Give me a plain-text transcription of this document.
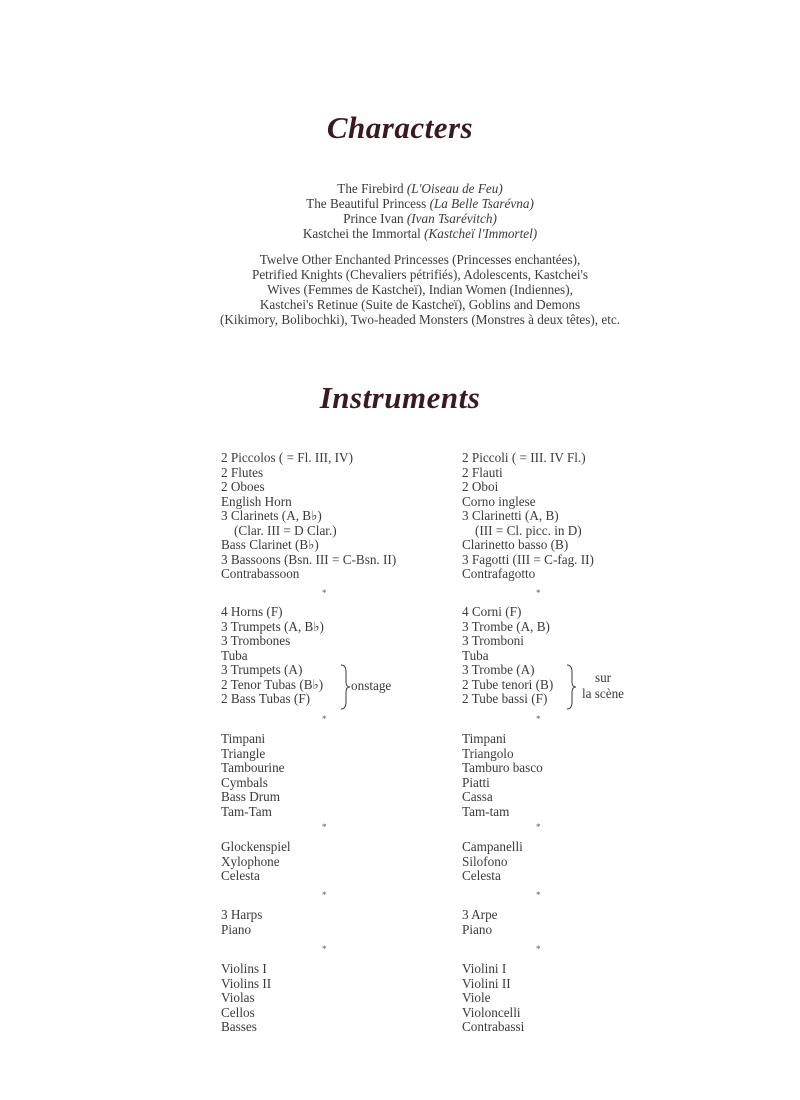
Characters
The Firebird (L'Oiseau de Feu)
The Beautiful Princess (La Belle Tsarévna)
Prince Ivan (Ivan Tsarévitch)
Kastchei the Immortal (Kastcheï l'Immortel)
Twelve Other Enchanted Princesses (Princesses enchantées),
Petrified Knights (Chevaliers pétrifiés), Adolescents, Kastchei's
Wives (Femmes de Kastcheï), Indian Women (Indiennes),
Kastchei's Retinue (Suite de Kastcheï), Goblins and Demons
(Kikimory, Bolibochki), Two-headed Monsters (Monstres à deux têtes), etc.
Instruments
2 Piccolos ( = Fl. III, IV)
2 Flutes
2 Oboes
English Horn
3 Clarinets (A, B♭)
(Clar. III = D Clar.)
Bass Clarinet (B♭)
3 Bassoons (Bsn. III = C-Bsn. II)
Contrabassoon
4 Horns (F)
3 Trumpets (A, B♭)
3 Trombones
Tuba
3 Trumpets (A)
2 Tenor Tubas (B♭)
2 Bass Tubas (F)
onstage
Timpani
Triangle
Tambourine
Cymbals
Bass Drum
Tam-Tam
Glockenspiel
Xylophone
Celesta
3 Harps
Piano
Violins I
Violins II
Violas
Cellos
Basses
*
*
*
*
*
2 Piccoli ( = III. IV Fl.)
2 Flauti
2 Oboi
Corno inglese
3 Clarinetti (A, B)
(III = Cl. picc. in D)
Clarinetto basso (B)
3 Fagotti (III = C-fag. II)
Contrafagotto
4 Corni (F)
3 Trombe (A, B)
3 Tromboni
Tuba
3 Trombe (A)
2 Tube tenori (B)
2 Tube bassi (F)
sur
la scène
Timpani
Triangolo
Tamburo basco
Piatti
Cassa
Tam-tam
Campanelli
Silofono
Celesta
3 Arpe
Piano
Violini I
Violini II
Viole
Violoncelli
Contrabassi
*
*
*
*
*
